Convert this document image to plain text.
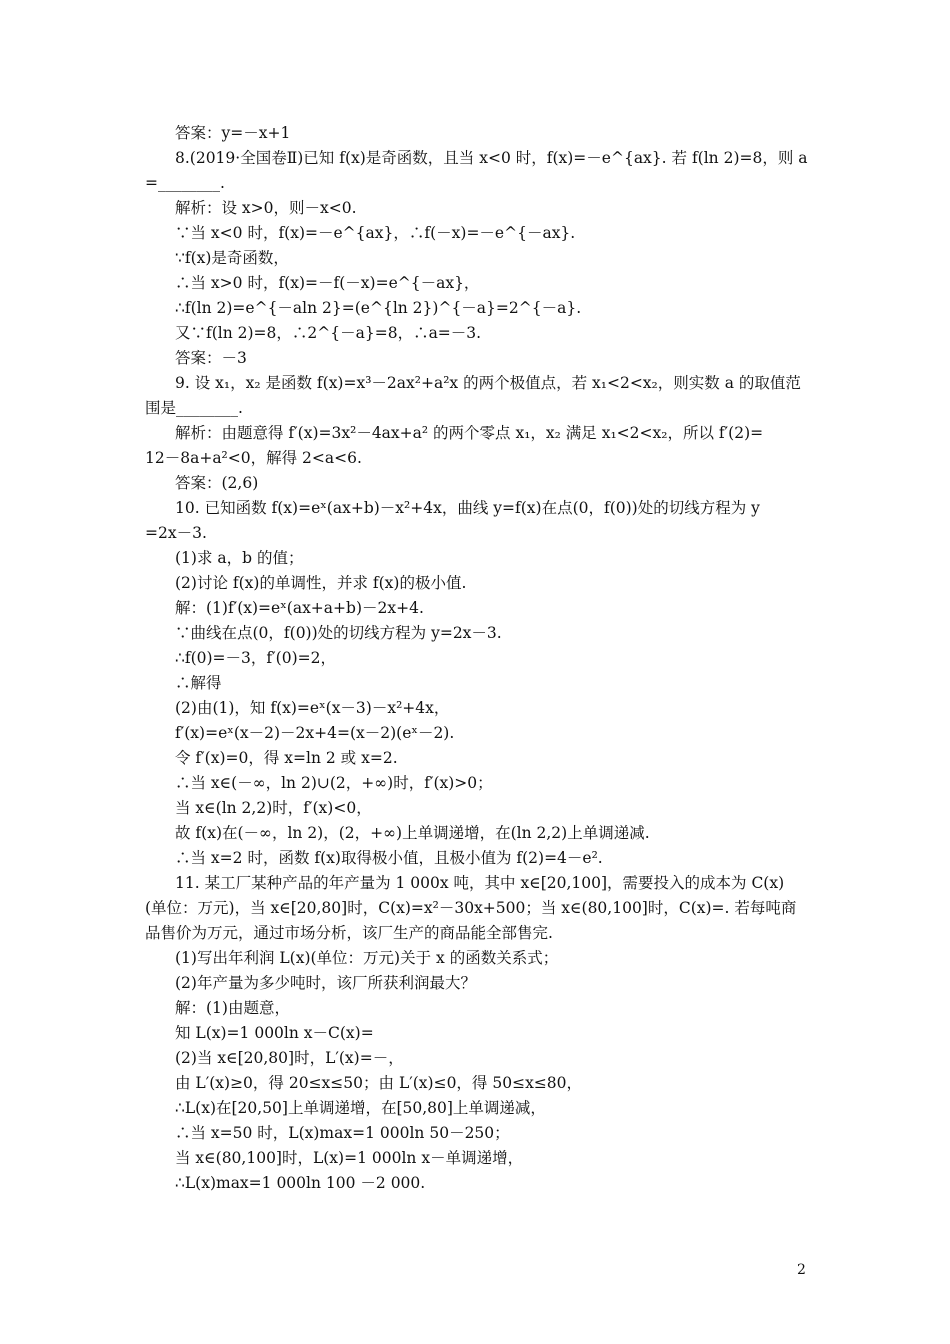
答案：y=－x+1
8.(2019·全国卷Ⅱ)已知 f(x)是奇函数，且当 x<0 时，f(x)=－e^{ax}. 若 f(ln 2)=8，则 a
=________.
解析：设 x>0，则－x<0.
∵当 x<0 时，f(x)=－e^{ax}，∴f(－x)=－e^{－ax}.
∵f(x)是奇函数，
∴当 x>0 时，f(x)=－f(－x)=e^{－ax}，
∴f(ln 2)=e^{－aln 2}=(e^{ln 2})^{－a}=2^{－a}.
又∵f(ln 2)=8，∴2^{－a}=8，∴a=－3.
答案：－3
9. 设 x₁，x₂ 是函数 f(x)=x³－2ax²+a²x 的两个极值点，若 x₁<2<x₂，则实数 a 的取值范
围是________.
解析：由题意得 f′(x)=3x²－4ax+a² 的两个零点 x₁，x₂ 满足 x₁<2<x₂，所以 f′(2)=
12－8a+a²<0，解得 2<a<6.
答案：(2,6)
10. 已知函数 f(x)=eˣ(ax+b)－x²+4x，曲线 y=f(x)在点(0，f(0))处的切线方程为 y
=2x－3.
(1)求 a，b 的值；
(2)讨论 f(x)的单调性，并求 f(x)的极小值.
解：(1)f′(x)=eˣ(ax+a+b)－2x+4.
∵曲线在点(0，f(0))处的切线方程为 y=2x－3.
∴f(0)=－3，f′(0)=2，
∴解得
(2)由(1)，知 f(x)=eˣ(x－3)－x²+4x，
f′(x)=eˣ(x－2)－2x+4=(x－2)(eˣ－2).
令 f′(x)=0，得 x=ln 2 或 x=2.
∴当 x∈(－∞，ln 2)∪(2，+∞)时，f′(x)>0；
当 x∈(ln 2,2)时，f′(x)<0，
故 f(x)在(－∞，ln 2)，(2，+∞)上单调递增，在(ln 2,2)上单调递减.
∴当 x=2 时，函数 f(x)取得极小值，且极小值为 f(2)=4－e².
11. 某工厂某种产品的年产量为 1 000x 吨，其中 x∈[20,100]，需要投入的成本为 C(x)
(单位：万元)，当 x∈[20,80]时，C(x)=x²－30x+500；当 x∈(80,100]时，C(x)=. 若每吨商
品售价为万元，通过市场分析，该厂生产的商品能全部售完.
(1)写出年利润 L(x)(单位：万元)关于 x 的函数关系式；
(2)年产量为多少吨时，该厂所获利润最大？
解：(1)由题意，
知 L(x)=1 000ln x－C(x)=
(2)当 x∈[20,80]时，L′(x)=－，
由 L′(x)≥0，得 20≤x≤50；由 L′(x)≤0，得 50≤x≤80，
∴L(x)在[20,50]上单调递增，在[50,80]上单调递减，
∴当 x=50 时，L(x)max=1 000ln 50－250；
当 x∈(80,100]时，L(x)=1 000ln x－单调递增，
∴L(x)max=1 000ln 100 －2 000.
2
